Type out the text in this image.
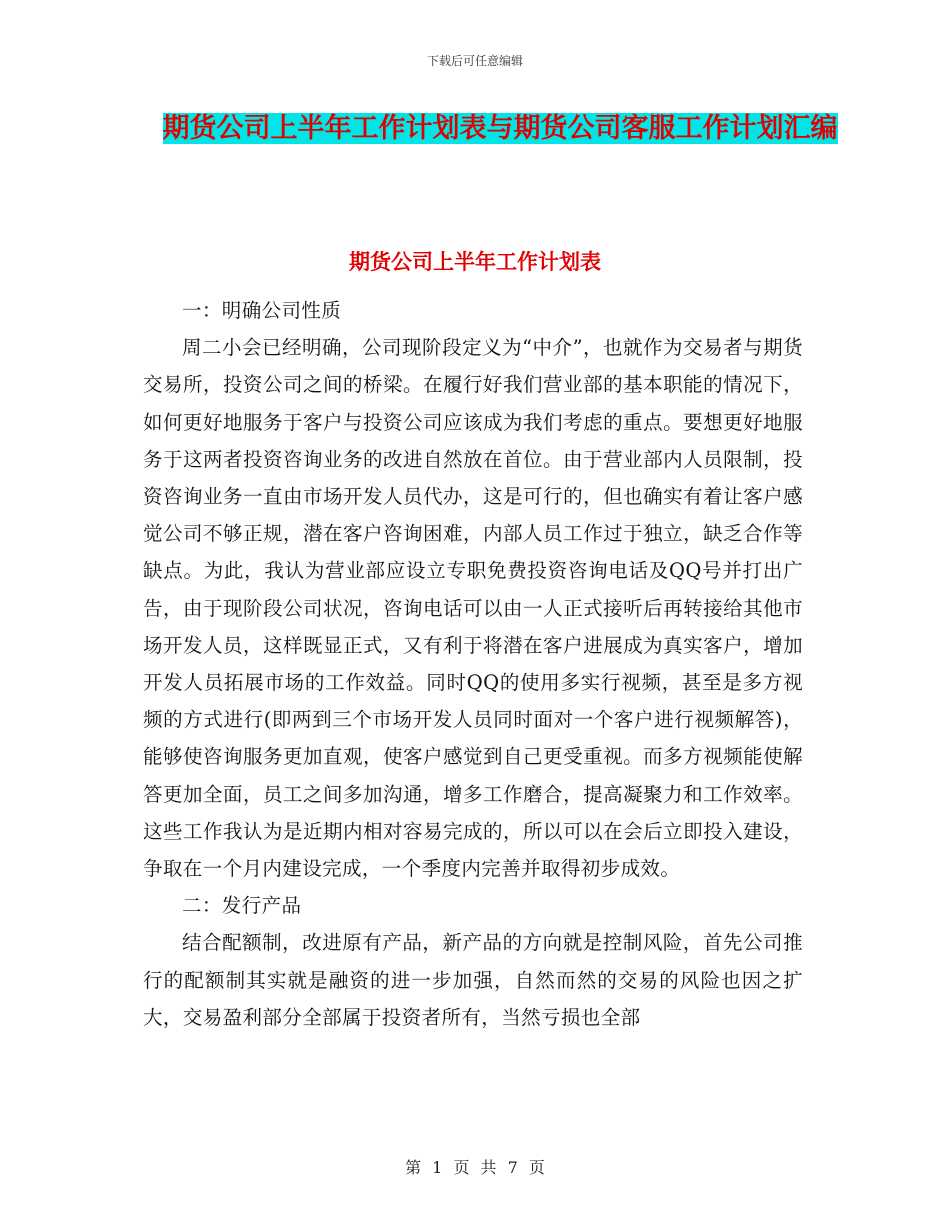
下载后可任意编辑
期货公司上半年工作计划表与期货公司客服工作计划汇编
期货公司上半年工作计划表

一：明确公司性质

周二小会已经明确，公司现阶段定义为“中介”，也就作为交易者与期货交易所，投资公司之间的桥梁。在履行好我们营业部的基本职能的情况下，如何更好地服务于客户与投资公司应该成为我们考虑的重点。要想更好地服务于这两者投资咨询业务的改进自然放在首位。由于营业部内人员限制，投资咨询业务一直由市场开发人员代办，这是可行的，但也确实有着让客户感觉公司不够正规，潜在客户咨询困难，内部人员工作过于独立，缺乏合作等缺点。为此，我认为营业部应设立专职免费投资咨询电话及QQ号并打出广告，由于现阶段公司状况，咨询电话可以由一人正式接听后再转接给其他市场开发人员，这样既显正式，又有利于将潜在客户进展成为真实客户，增加开发人员拓展市场的工作效益。同时QQ的使用多实行视频，甚至是多方视频的方式进行(即两到三个市场开发人员同时面对一个客户进行视频解答)，能够使咨询服务更加直观，使客户感觉到自己更受重视。而多方视频能使解答更加全面，员工之间多加沟通，增多工作磨合，提高凝聚力和工作效率。这些工作我认为是近期内相对容易完成的，所以可以在会后立即投入建设，争取在一个月内建设完成，一个季度内完善并取得初步成效。

二：发行产品

结合配额制，改进原有产品，新产品的方向就是控制风险，首先公司推行的配额制其实就是融资的进一步加强，自然而然的交易的风险也因之扩大，交易盈利部分全部属于投资者所有，当然亏损也全部

第 1 页 共 7 页
